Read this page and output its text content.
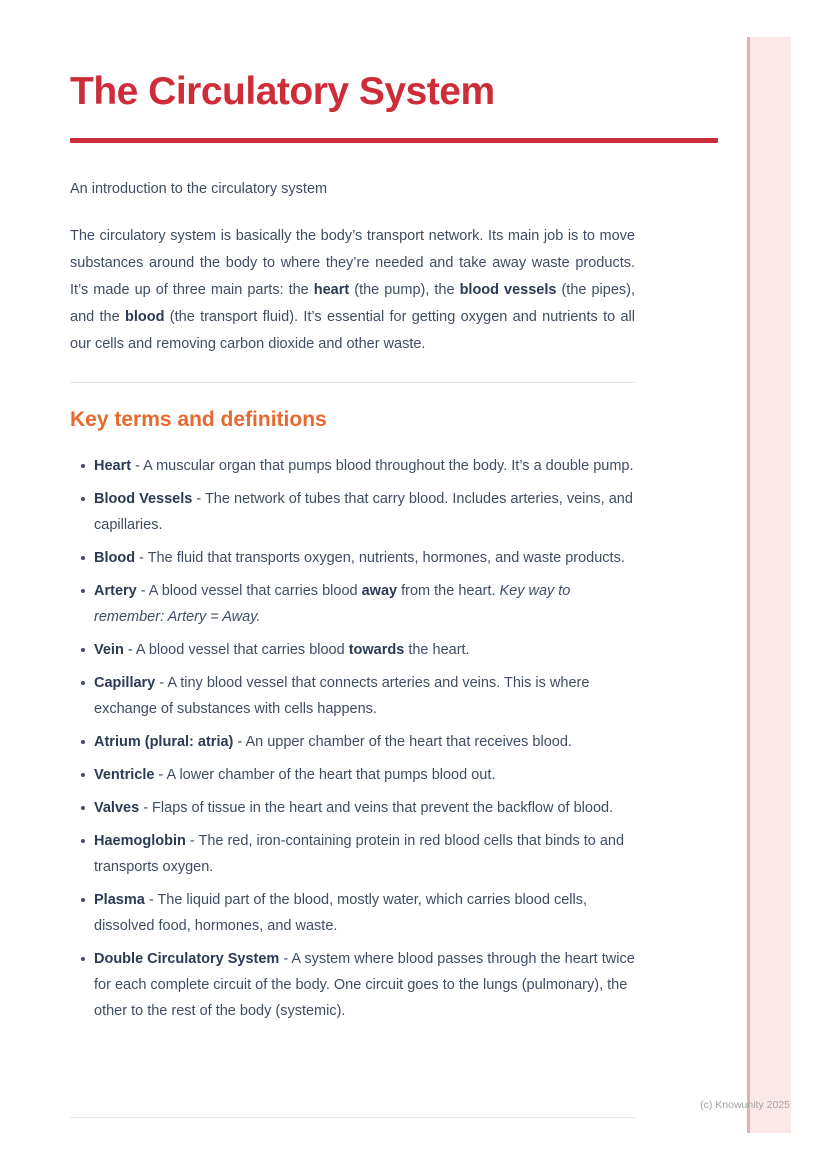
The Circulatory System

An introduction to the circulatory system

The circulatory system is basically the body’s transport network. Its main job is to move substances around the body to where they’re needed and take away waste products. It’s made up of three main parts: the heart (the pump), the blood vessels (the pipes), and the blood (the transport fluid). It’s essential for getting oxygen and nutrients to all our cells and removing carbon dioxide and other waste.

Key terms and definitions
Heart - A muscular organ that pumps blood throughout the body. It’s a double pump.
Blood Vessels - The network of tubes that carry blood. Includes arteries, veins, and capillaries.
Blood - The fluid that transports oxygen, nutrients, hormones, and waste products.
Artery - A blood vessel that carries blood away from the heart. Key way to remember: Artery = Away.
Vein - A blood vessel that carries blood towards the heart.
Capillary - A tiny blood vessel that connects arteries and veins. This is where exchange of substances with cells happens.
Atrium (plural: atria) - An upper chamber of the heart that receives blood.
Ventricle - A lower chamber of the heart that pumps blood out.
Valves - Flaps of tissue in the heart and veins that prevent the backflow of blood.
Haemoglobin - The red, iron-containing protein in red blood cells that binds to and transports oxygen.
Plasma - The liquid part of the blood, mostly water, which carries blood cells, dissolved food, hormones, and waste.
Double Circulatory System - A system where blood passes through the heart twice for each complete circuit of the body. One circuit goes to the lungs (pulmonary), the other to the rest of the body (systemic).
(c) Knowunity 2025
